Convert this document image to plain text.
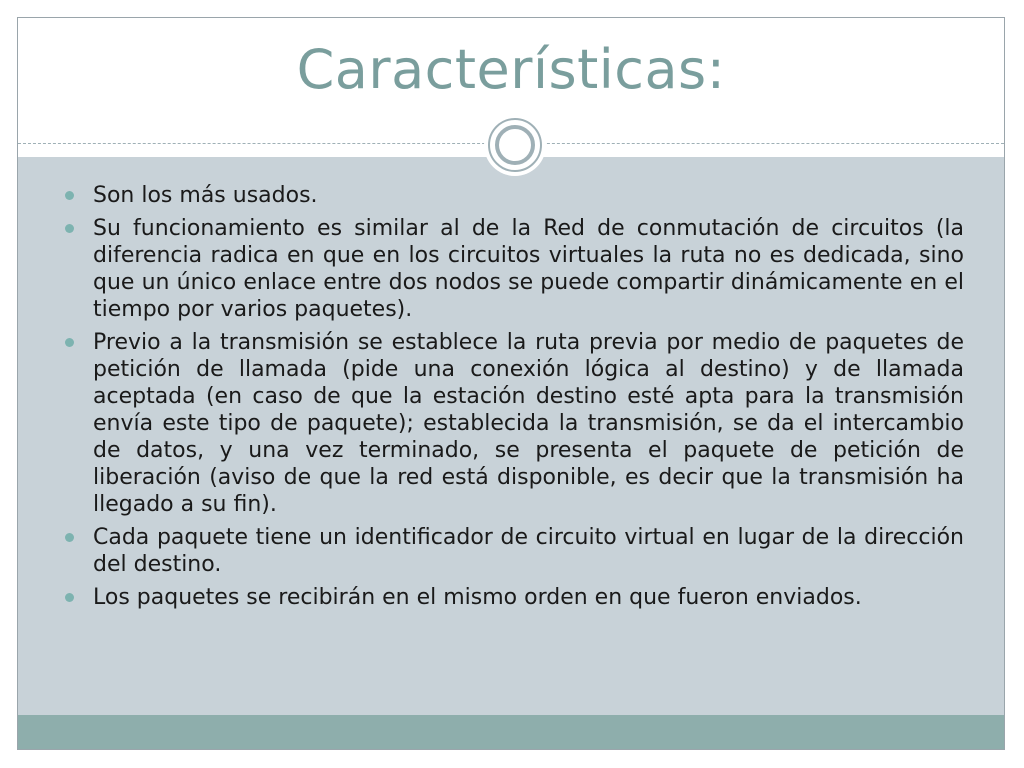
Características:
Son los más usados.
Su funcionamiento es similar al de la Red de conmutación de circuitos (la diferencia radica en que en los circuitos virtuales la ruta no es dedicada, sino que un único enlace entre dos nodos se puede compartir dinámicamente en el tiempo por varios paquetes).
Previo a la transmisión se establece la ruta previa por medio de paquetes de petición de llamada (pide una conexión lógica al destino) y de llamada aceptada (en caso de que la estación destino esté apta para la transmisión envía este tipo de paquete); establecida la transmisión, se da el intercambio de datos, y una vez terminado, se presenta el paquete de petición de liberación (aviso de que la red está disponible, es decir que la transmisión ha llegado a su fin).
Cada paquete tiene un identificador de circuito virtual en lugar de la dirección del destino.
Los paquetes se recibirán en el mismo orden en que fueron enviados.
